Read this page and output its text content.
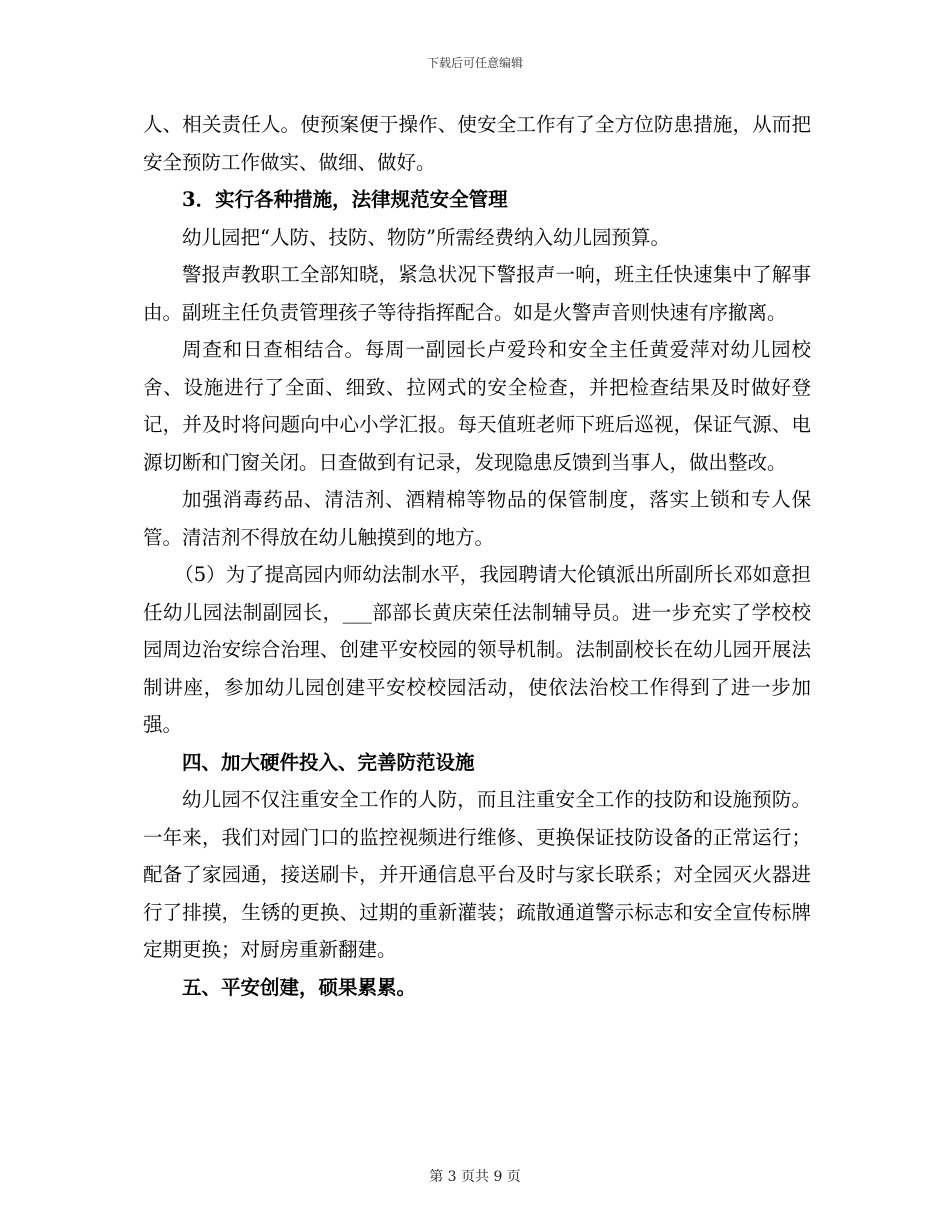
下载后可任意编辑

人、相关责任人。使预案便于操作、使安全工作有了全方位防患措施，从而把安全预防工作做实、做细、做好。

3．实行各种措施，法律规范安全管理

幼儿园把“人防、技防、物防”所需经费纳入幼儿园预算。

警报声教职工全部知晓，紧急状况下警报声一响，班主任快速集中了解事由。副班主任负责管理孩子等待指挥配合。如是火警声音则快速有序撤离。

周查和日查相结合。每周一副园长卢爱玲和安全主任黄爱萍对幼儿园校舍、设施进行了全面、细致、拉网式的安全检查，并把检查结果及时做好登记，并及时将问题向中心小学汇报。每天值班老师下班后巡视，保证气源、电源切断和门窗关闭。日查做到有记录，发现隐患反馈到当事人，做出整改。

加强消毒药品、清洁剂、酒精棉等物品的保管制度，落实上锁和专人保管。清洁剂不得放在幼儿触摸到的地方。

（5）为了提高园内师幼法制水平，我园聘请大伦镇派出所副所长邓如意担任幼儿园法制副园长，___部部长黄庆荣任法制辅导员。进一步充实了学校校园周边治安综合治理、创建平安校园的领导机制。法制副校长在幼儿园开展法制讲座，参加幼儿园创建平安校校园活动，使依法治校工作得到了进一步加强。

四、加大硬件投入、完善防范设施

幼儿园不仅注重安全工作的人防，而且注重安全工作的技防和设施预防。一年来，我们对园门口的监控视频进行维修、更换保证技防设备的正常运行；配备了家园通，接送刷卡，并开通信息平台及时与家长联系；对全园灭火器进行了排摸，生锈的更换、过期的重新灌装；疏散通道警示标志和安全宣传标牌定期更换；对厨房重新翻建。

五、平安创建，硕果累累。

第 3 页共 9 页
